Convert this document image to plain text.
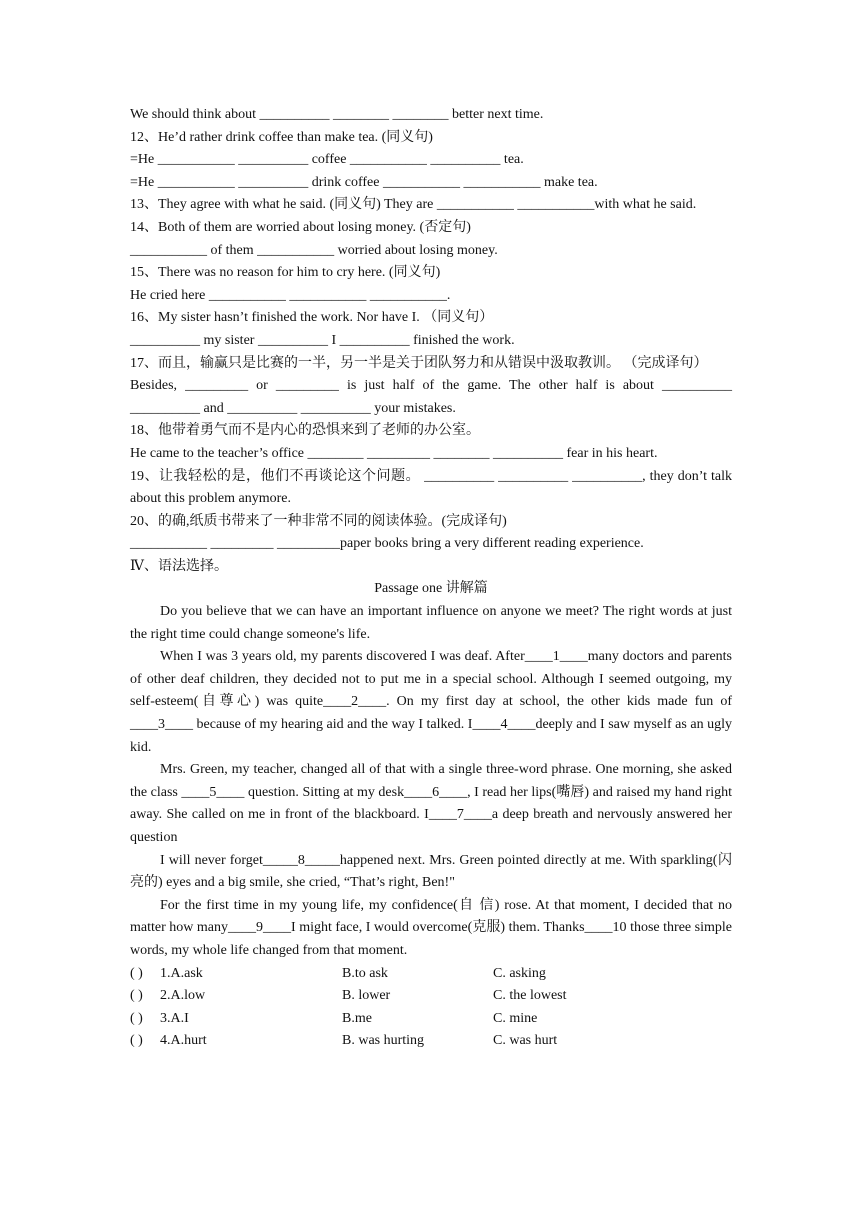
We should think about __________ ________ ________ better next time.
12、He’d rather drink coffee than make tea. (同义句)
=He ___________ __________ coffee ___________ __________ tea.
=He ___________ __________ drink coffee ___________ ___________ make tea.
13、They agree with what he said. (同义句) They are ___________ ___________with what he said.
14、Both of them are worried about losing money. (否定句)
___________ of them ___________ worried about losing money.
15、There was no reason for him to cry here. (同义句)
He cried here ___________ ___________ ___________.
16、My sister hasn’t finished the work. Nor have I. （同义句）
__________ my sister __________ I __________ finished the work.
17、而且，输赢只是比赛的一半，另一半是关于团队努力和从错误中汲取教训。 （完成译句）
Besides, _________ or _________ is just half of the game. The other half is about __________ __________ and __________ __________ your mistakes.
18、他带着勇气而不是内心的恐惧来到了老师的办公室。
He came to the teacher’s office ________ _________ ________ __________ fear in his heart.
19、让我轻松的是，他们不再谈论这个问题。 __________ __________ __________, they don’t talk about this problem anymore.
20、的确,纸质书带来了一种非常不同的阅读体验。(完成译句)
___________ _________ _________paper books bring a very different reading experience.
Ⅳ、语法选择。
Passage one 讲解篇
Do you believe that we can have an important influence on anyone we meet? The right words at just the right time could change someone's life.
When I was 3 years old, my parents discovered I was deaf. After____1____many doctors and parents of other deaf children, they decided not to put me in a special school. Although I seemed outgoing, my self-esteem(自尊心) was quite____2____. On my first day at school, the other kids made fun of ____3____ because of my hearing aid and the way I talked. I____4____deeply and I saw myself as an ugly kid.
Mrs. Green, my teacher, changed all of that with a single three-word phrase. One morning, she asked the class ____5____ question. Sitting at my desk____6____, I read her lips(嘴唇) and raised my hand right away. She called on me in front of the blackboard. I____7____a deep breath and nervously answered her question
I will never forget_____8_____happened next. Mrs. Green pointed directly at me. With sparkling(闪亮的) eyes and a big smile, she cried, “That’s right, Ben!"
For the first time in my young life, my confidence(自 信) rose. At that moment, I decided that no matter how many____9____I might face, I would overcome(克服) them. Thanks____10 those three simple words, my whole life changed from that moment.
( )	1.A.ask	B.to ask	C. asking
( )	2.A.low	B. lower	C. the lowest
( )	3.A.I	B.me	C. mine
( )	4.A.hurt	B. was hurting	C. was hurt
